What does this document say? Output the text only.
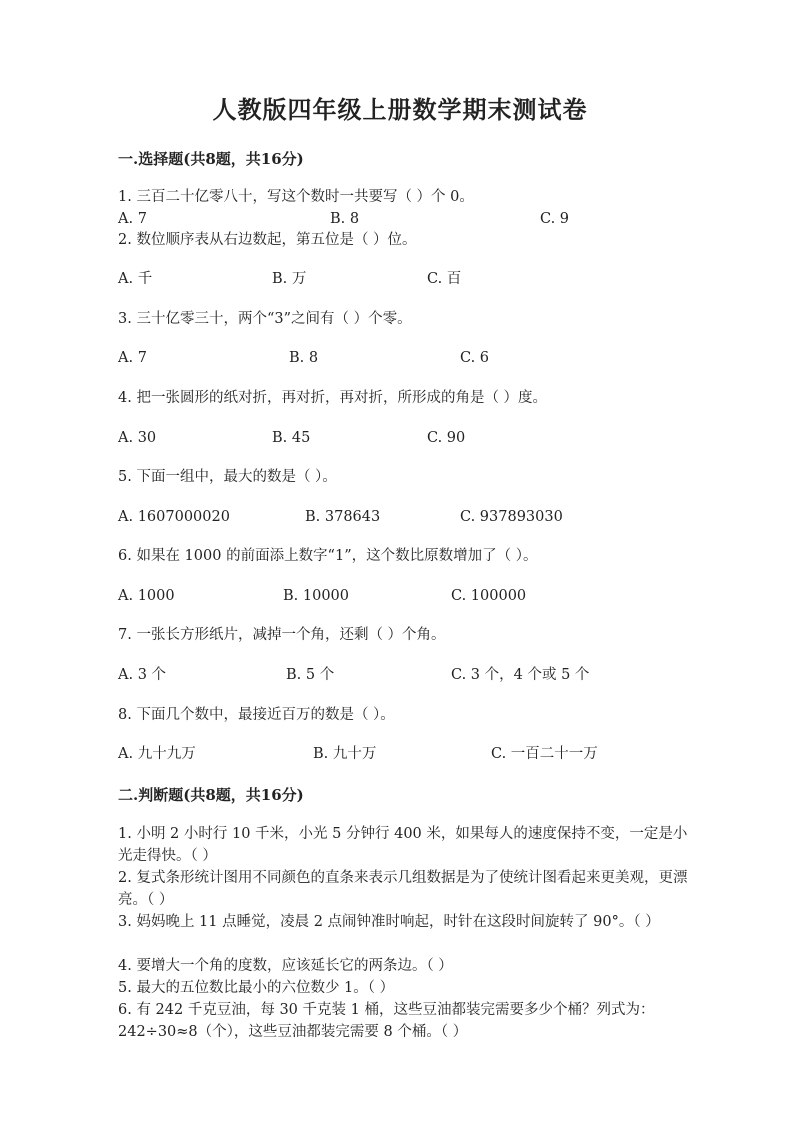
人教版四年级上册数学期末测试卷
一.选择题(共8题，共16分)
1. 三百二十亿零八十，写这个数时一共要写（ ）个 0。
A. 7	B. 8	C. 9
2. 数位顺序表从右边数起，第五位是（ ）位。
A. 千	B. 万	C. 百
3. 三十亿零三十，两个“3”之间有（ ）个零。
A. 7	B. 8	C. 6
4. 把一张圆形的纸对折，再对折，再对折，所形成的角是（ ）度。
A. 30	B. 45	C. 90
5. 下面一组中，最大的数是（ ）。
A. 1607000020	B. 378643	C. 937893030
6. 如果在 1000 的前面添上数字“1”，这个数比原数增加了（ ）。
A. 1000	B. 10000	C. 100000
7. 一张长方形纸片，减掉一个角，还剩（ ）个角。
A. 3 个	B. 5 个	C. 3 个，4 个或 5 个
8. 下面几个数中，最接近百万的数是（ ）。
A. 九十九万	B. 九十万	C. 一百二十一万
二.判断题(共8题，共16分)
1. 小明 2 小时行 10 千米，小光 5 分钟行 400 米，如果每人的速度保持不变，一定是小光走得快。（ ）
2. 复式条形统计图用不同颜色的直条来表示几组数据是为了使统计图看起来更美观，更漂亮。（ ）
3. 妈妈晚上 11 点睡觉，凌晨 2 点闹钟准时响起，时针在这段时间旋转了 90°。（ ）
4. 要增大一个角的度数，应该延长它的两条边。（ ）
5. 最大的五位数比最小的六位数少 1。（ ）
6. 有 242 千克豆油，每 30 千克装 1 桶，这些豆油都装完需要多少个桶？列式为：242÷30≈8（个），这些豆油都装完需要 8 个桶。（ ）
